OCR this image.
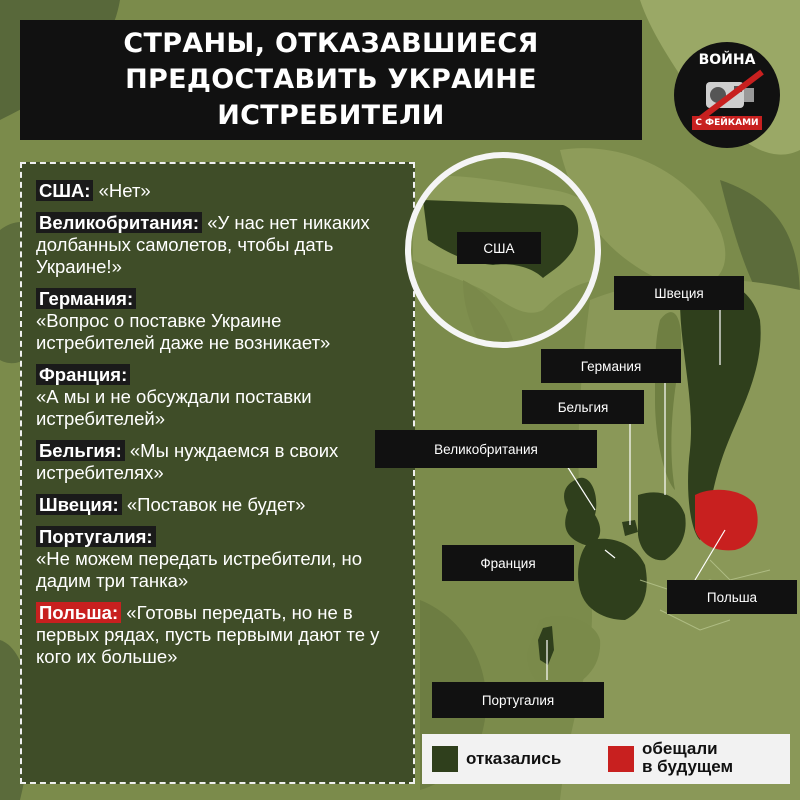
СТРАНЫ, ОТКАЗАВШИЕСЯ
ПРЕДОСТАВИТЬ УКРАИНЕ
ИСТРЕБИТЕЛИ
ВОЙНА
С ФЕЙКАМИ
США: «Нет»
Великобритания: «У нас нет никаких долбанных самолетов, чтобы дать Украине!»
Германия:
«Вопрос о поставке Украине истребителей даже не возникает»
Франция:
«А мы и не обсуждали поставки истребителей»
Бельгия: «Мы нуждаемся в своих истребителях»
Швеция: «Поставок не будет»
Португалия:
«Не можем передать истребители, но дадим три танка»
Польша: «Готовы передать, но не в первых рядах, пусть первыми дают те у кого их больше»
США
Швеция
Германия
Бельгия
Великобритания
Франция
Польша
Португалия
отказались
обещали
в будущем
